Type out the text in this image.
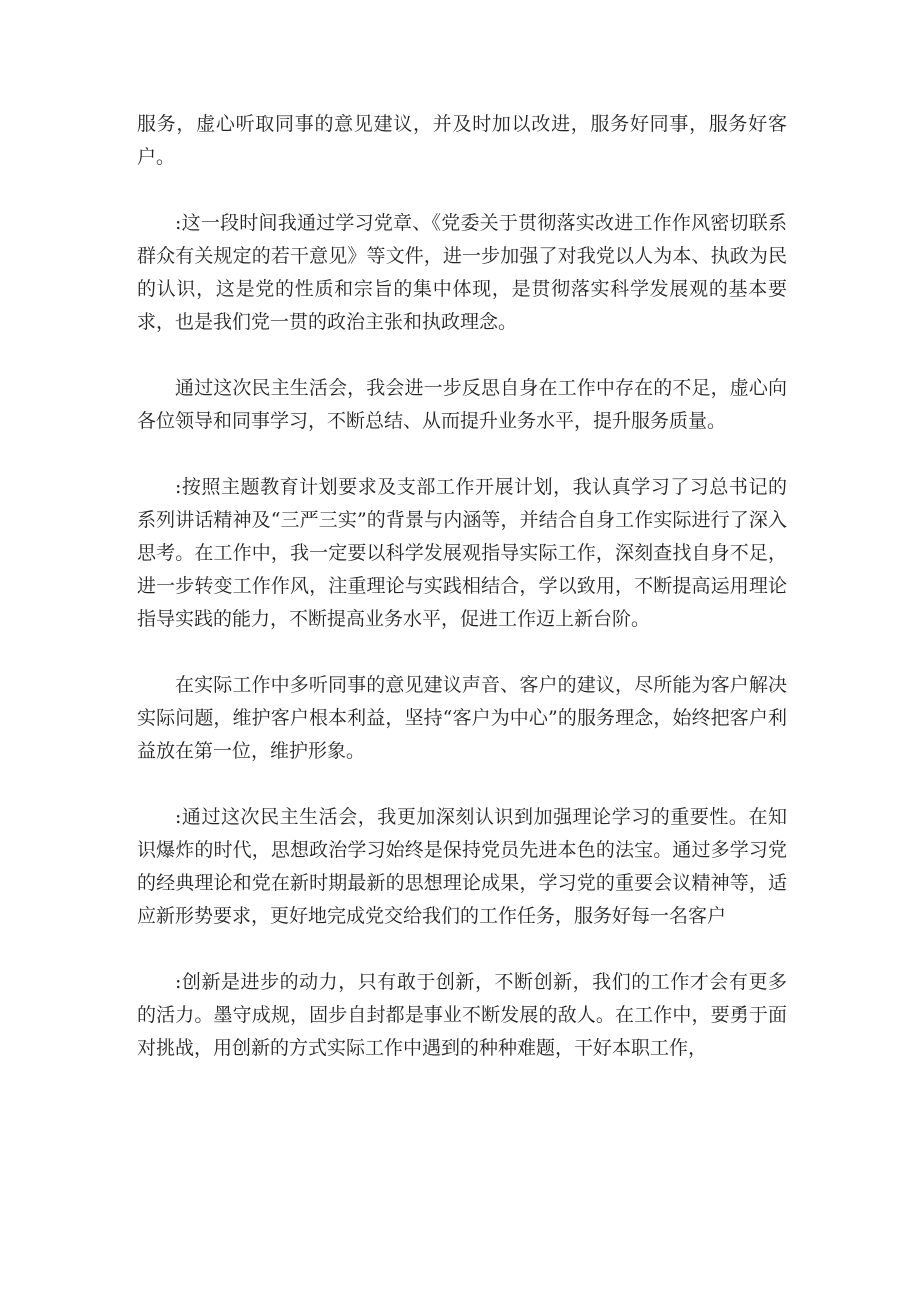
服务，虚心听取同事的意见建议，并及时加以改进，服务好同事，服务好客户。

:这一段时间我通过学习党章、《党委关于贯彻落实改进工作作风密切联系群众有关规定的若干意见》等文件，进一步加强了对我党以人为本、执政为民的认识，这是党的性质和宗旨的集中体现，是贯彻落实科学发展观的基本要求，也是我们党一贯的政治主张和执政理念。

通过这次民主生活会，我会进一步反思自身在工作中存在的不足，虚心向各位领导和同事学习，不断总结、从而提升业务水平，提升服务质量。

:按照主题教育计划要求及支部工作开展计划，我认真学习了习总书记的系列讲话精神及“三严三实”的背景与内涵等，并结合自身工作实际进行了深入思考。在工作中，我一定要以科学发展观指导实际工作，深刻查找自身不足，进一步转变工作作风，注重理论与实践相结合，学以致用，不断提高运用理论指导实践的能力，不断提高业务水平，促进工作迈上新台阶。

在实际工作中多听同事的意见建议声音、客户的建议，尽所能为客户解决实际问题，维护客户根本利益，坚持“客户为中心”的服务理念，始终把客户利益放在第一位，维护形象。

:通过这次民主生活会，我更加深刻认识到加强理论学习的重要性。在知识爆炸的时代，思想政治学习始终是保持党员先进本色的法宝。通过多学习党的经典理论和党在新时期最新的思想理论成果，学习党的重要会议精神等，适应新形势要求，更好地完成党交给我们的工作任务，服务好每一名客户

:创新是进步的动力，只有敢于创新，不断创新，我们的工作才会有更多的活力。墨守成规，固步自封都是事业不断发展的敌人。在工作中，要勇于面对挑战，用创新的方式实际工作中遇到的种种难题，干好本职工作，
